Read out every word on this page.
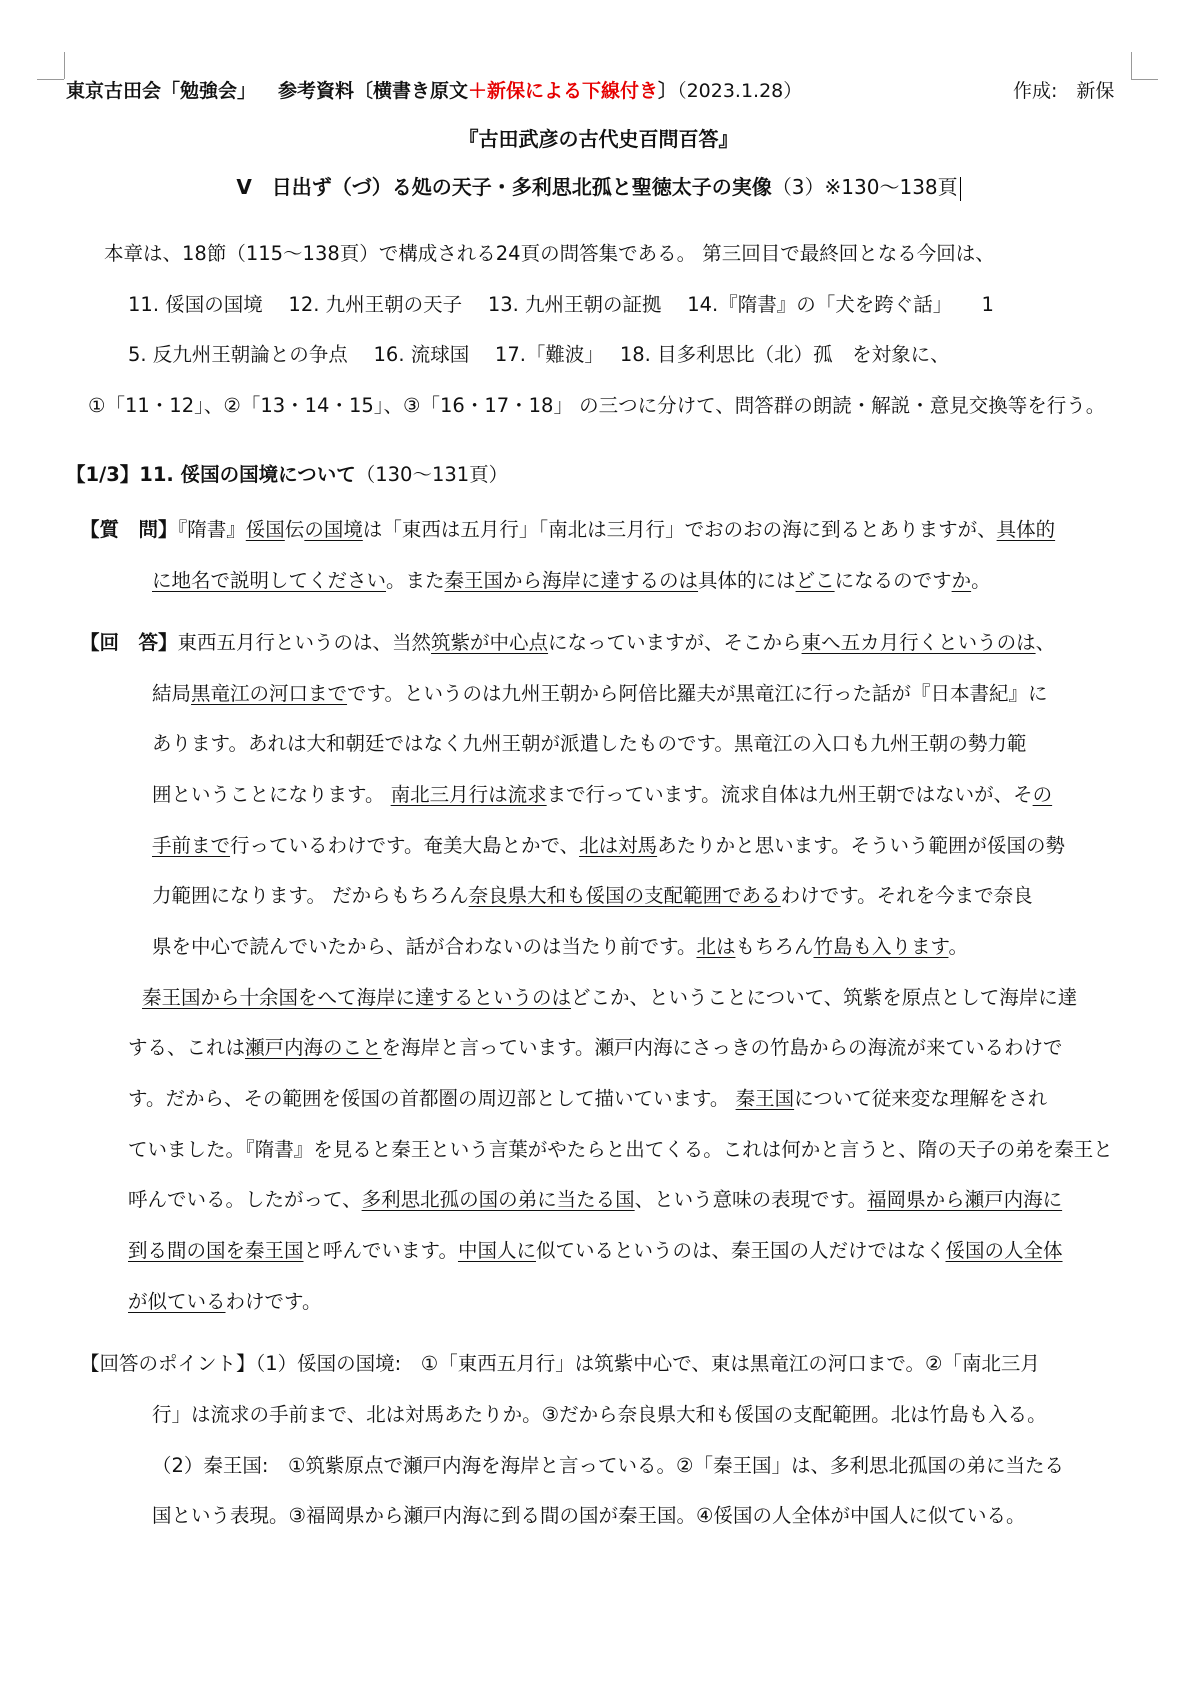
東京古田会「勉強会」 参考資料〔横書き原文＋新保による下線付き〕（2023.1.28）	作成:　新保
『古田武彦の古代史百問百答』
Ⅴ　日出ず（づ）る処の天子・多利思北孤と聖徳太子の実像（3）※130～138頁
本章は、18節（115～138頁）で構成される24頁の問答集である。 第三回目で最終回となる今回は、
11. 俀国の国境　 12. 九州王朝の天子　 13. 九州王朝の証拠　 14.『隋書』の「犬を跨ぐ話」　　1
5. 反九州王朝論との争点　 16. 流球国　 17.「難波」　 18. 目多利思比（北）孤　を対象に、
①「11・12」、②「13・14・15」、③「16・17・18」 の三つに分けて、問答群の朗読・解説・意見交換等を行う。
【1/3】11. 俀国の国境について（130～131頁）
【質　問】『隋書』俀国伝の国境は「東西は五月行」「南北は三月行」でおのおの海に到るとありますが、具体的
に地名で説明してください。また秦王国から海岸に達するのは具体的にはどこになるのですか。
【回　答】東西五月行というのは、当然筑紫が中心点になっていますが、そこから東へ五カ月行くというのは、
結局黒竜江の河口までです。というのは九州王朝から阿倍比羅夫が黒竜江に行った話が『日本書紀』に
あります。あれは大和朝廷ではなく九州王朝が派遣したものです。黒竜江の入口も九州王朝の勢力範
囲ということになります。 南北三月行は流求まで行っています。流求自体は九州王朝ではないが、その
手前まで行っているわけです。奄美大島とかで、北は対馬あたりかと思います。そういう範囲が俀国の勢
力範囲になります。 だからもちろん奈良県大和も俀国の支配範囲であるわけです。それを今まで奈良
県を中心で読んでいたから、話が合わないのは当たり前です。北はもちろん竹島も入ります。
秦王国から十余国をへて海岸に達するというのはどこか、ということについて、筑紫を原点として海岸に達
する、これは瀬戸内海のことを海岸と言っています。瀬戸内海にさっきの竹島からの海流が来ているわけで
す。だから、その範囲を俀国の首都圏の周辺部として描いています。 秦王国について従来変な理解をされ
ていました。『隋書』を見ると秦王という言葉がやたらと出てくる。これは何かと言うと、隋の天子の弟を秦王と
呼んでいる。したがって、多利思北孤の国の弟に当たる国、という意味の表現です。福岡県から瀬戸内海に
到る間の国を秦王国と呼んでいます。中国人に似ているというのは、秦王国の人だけではなく俀国の人全体
が似ているわけです。
【回答のポイント】（1）俀国の国境:　①「東西五月行」は筑紫中心で、東は黒竜江の河口まで。②「南北三月
行」は流求の手前まで、北は対馬あたりか。③だから奈良県大和も俀国の支配範囲。北は竹島も入る。
（2）秦王国:　①筑紫原点で瀬戸内海を海岸と言っている。②「秦王国」は、多利思北孤国の弟に当たる
国という表現。③福岡県から瀬戸内海に到る間の国が秦王国。④俀国の人全体が中国人に似ている。
